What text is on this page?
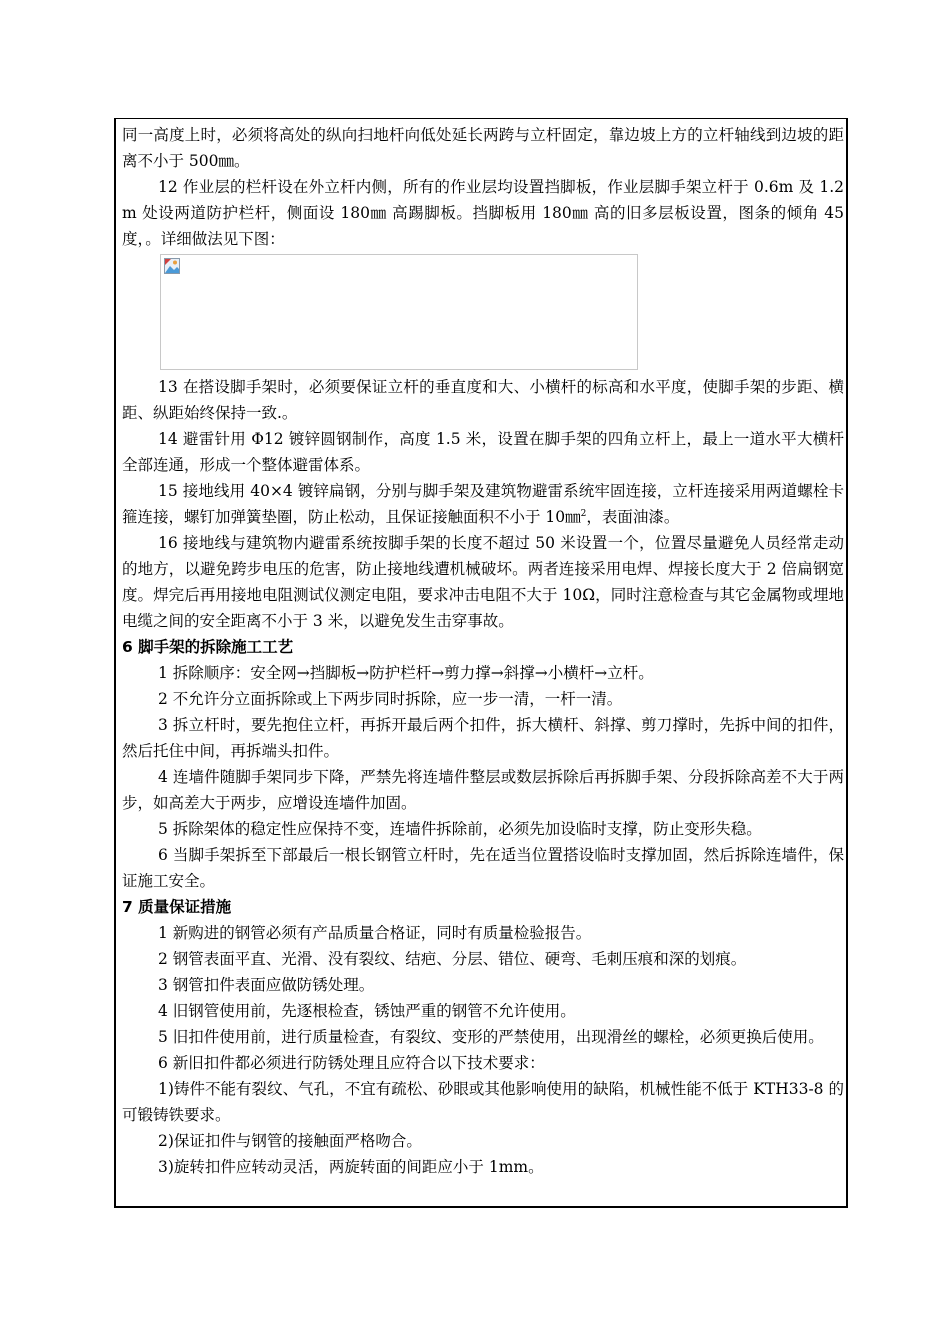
同一高度上时，必须将高处的纵向扫地杆向低处延长两跨与立杆固定，靠边坡上方的立杆轴线到边坡的距离不小于 500㎜。

12 作业层的栏杆设在外立杆内侧，所有的作业层均设置挡脚板，作业层脚手架立杆于 0.6m 及 1.2m 处设两道防护栏杆，侧面设 180㎜ 高踢脚板。挡脚板用 180㎜ 高的旧多层板设置，图条的倾角 45 度，。详细做法见下图：

13 在搭设脚手架时，必须要保证立杆的垂直度和大、小横杆的标高和水平度，使脚手架的步距、横距、纵距始终保持一致.。

14 避雷针用 Φ12 镀锌圆钢制作，高度 1.5 米，设置在脚手架的四角立杆上，最上一道水平大横杆全部连通，形成一个整体避雷体系。

15 接地线用 40×4 镀锌扁钢，分别与脚手架及建筑物避雷系统牢固连接，立杆连接采用两道螺栓卡箍连接，螺钉加弹簧垫圈，防止松动，且保证接触面积不小于 10㎜$^2$，表面油漆。

16 接地线与建筑物内避雷系统按脚手架的长度不超过 50 米设置一个，位置尽量避免人员经常走动的地方，以避免跨步电压的危害，防止接地线遭机械破坏。两者连接采用电焊、焊接长度大于 2 倍扁钢宽度。焊完后再用接地电阻测试仪测定电阻，要求冲击电阻不大于 10Ω，同时注意检查与其它金属物或埋地电缆之间的安全距离不小于 3 米，以避免发生击穿事故。

6 脚手架的拆除施工工艺

1 拆除顺序：安全网→挡脚板→防护栏杆→剪力撑→斜撑→小横杆→立杆。

2 不允许分立面拆除或上下两步同时拆除，应一步一清，一杆一清。

3 拆立杆时，要先抱住立杆，再拆开最后两个扣件，拆大横杆、斜撑、剪刀撑时，先拆中间的扣件，然后托住中间，再拆端头扣件。

4 连墙件随脚手架同步下降，严禁先将连墙件整层或数层拆除后再拆脚手架、分段拆除高差不大于两步，如高差大于两步，应增设连墙件加固。

5 拆除架体的稳定性应保持不变，连墙件拆除前，必须先加设临时支撑，防止变形失稳。

6 当脚手架拆至下部最后一根长钢管立杆时，先在适当位置搭设临时支撑加固，然后拆除连墙件，保证施工安全。

7 质量保证措施

1 新购进的钢管必须有产品质量合格证，同时有质量检验报告。

2 钢管表面平直、光滑、没有裂纹、结疤、分层、错位、硬弯、毛刺压痕和深的划痕。

3 钢管扣件表面应做防锈处理。

4 旧钢管使用前，先逐根检查，锈蚀严重的钢管不允许使用。

5 旧扣件使用前，进行质量检查，有裂纹、变形的严禁使用，出现滑丝的螺栓，必须更换后使用。

6 新旧扣件都必须进行防锈处理且应符合以下技术要求：

1)铸件不能有裂纹、气孔，不宜有疏松、砂眼或其他影响使用的缺陷，机械性能不低于 KTH33-8 的可锻铸铁要求。

2)保证扣件与钢管的接触面严格吻合。

3)旋转扣件应转动灵活，两旋转面的间距应小于 1mm。
